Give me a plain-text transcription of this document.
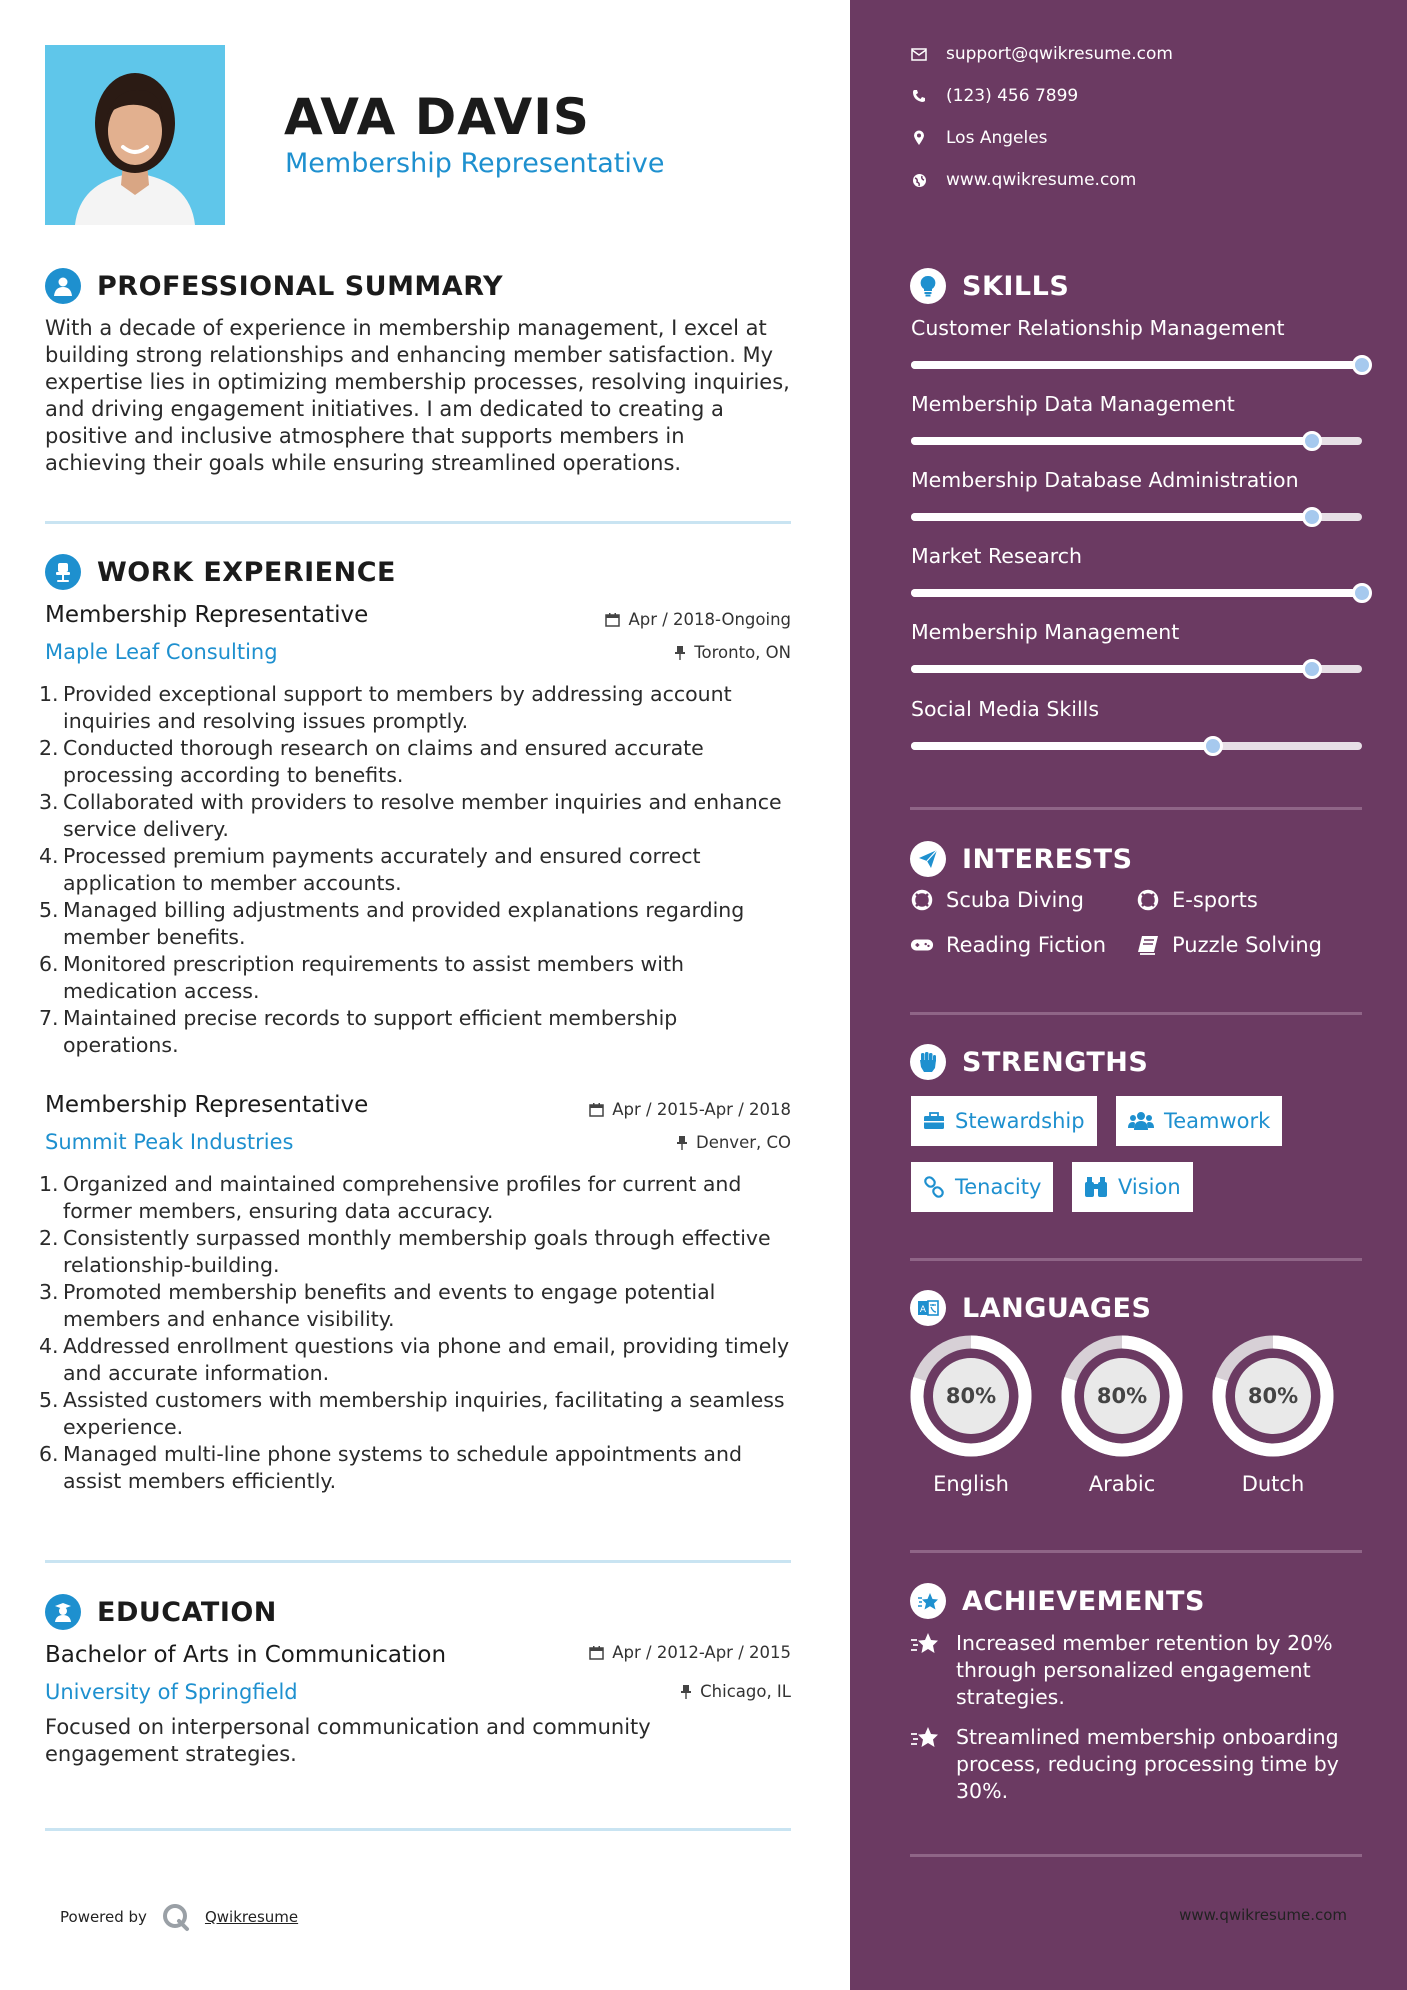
AVA DAVIS
Membership Representative
PROFESSIONAL SUMMARY
With a decade of experience in membership management, I excel at building strong relationships and enhancing member satisfaction. My expertise lies in optimizing membership processes, resolving inquiries, and driving engagement initiatives. I am dedicated to creating a positive and inclusive atmosphere that supports members in achieving their goals while ensuring streamlined operations.
WORK EXPERIENCE
Membership Representative
Maple Leaf Consulting
Apr / 2018-Ongoing
Toronto, ON
1. Provided exceptional support to members by addressing account inquiries and resolving issues promptly.
2. Conducted thorough research on claims and ensured accurate processing according to benefits.
3. Collaborated with providers to resolve member inquiries and enhance service delivery.
4. Processed premium payments accurately and ensured correct application to member accounts.
5. Managed billing adjustments and provided explanations regarding member benefits.
6. Monitored prescription requirements to assist members with medication access.
7. Maintained precise records to support efficient membership operations.
Membership Representative
Summit Peak Industries
Apr / 2015-Apr / 2018
Denver, CO
1. Organized and maintained comprehensive profiles for current and former members, ensuring data accuracy.
2. Consistently surpassed monthly membership goals through effective relationship-building.
3. Promoted membership benefits and events to engage potential members and enhance visibility.
4. Addressed enrollment questions via phone and email, providing timely and accurate information.
5. Assisted customers with membership inquiries, facilitating a seamless experience.
6. Managed multi-line phone systems to schedule appointments and assist members efficiently.
EDUCATION
Bachelor of Arts in Communication
University of Springfield
Apr / 2012-Apr / 2015
Chicago, IL
Focused on interpersonal communication and community engagement strategies.
Powered by	Qwikresume
support@qwikresume.com
(123) 456 7899
Los Angeles
www.qwikresume.com
SKILLS
Customer Relationship Management
Membership Data Management
Membership Database Administration
Market Research
Membership Management
Social Media Skills
INTERESTS
Scuba Diving	E-sports
Reading Fiction	Puzzle Solving
STRENGTHS
Stewardship	Teamwork
Tenacity	Vision
A LANGUAGES
80%
English
80%
Arabic
80%
Dutch
ACHIEVEMENTS
Increased member retention by 20% through personalized engagement strategies.
Streamlined membership onboarding process, reducing processing time by 30%.
www.qwikresume.com
